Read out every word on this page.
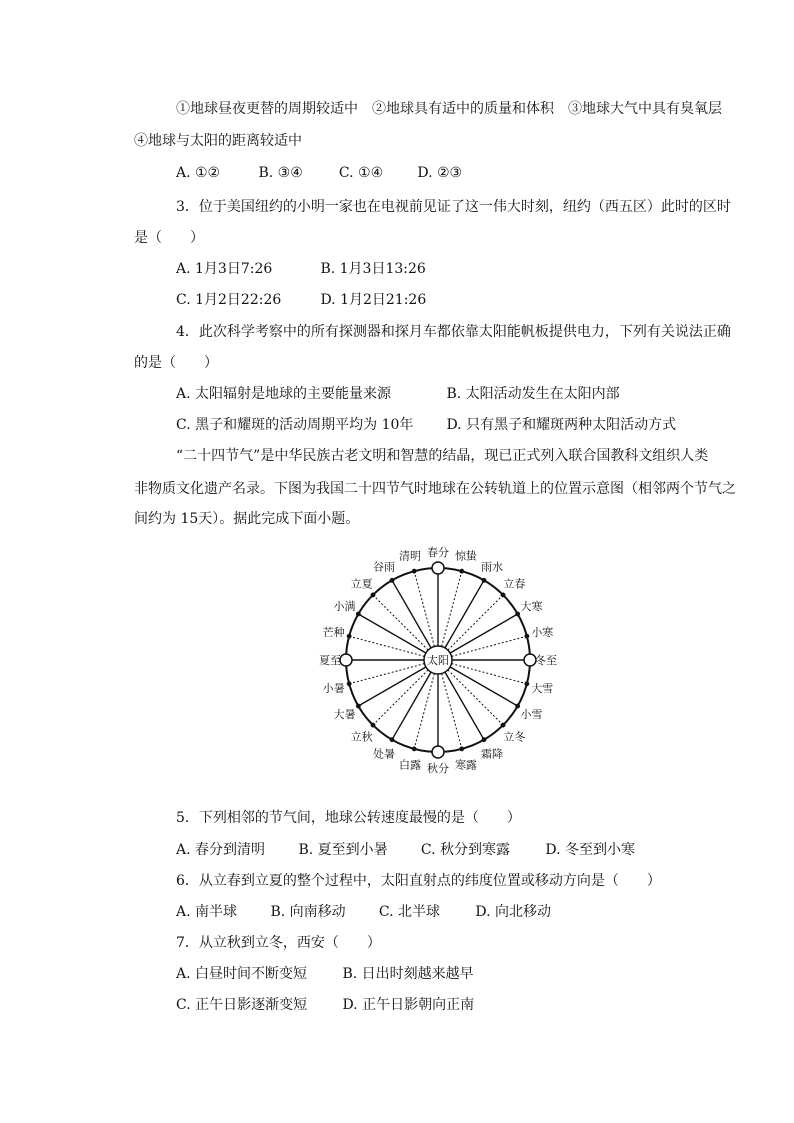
①地球昼夜更替的周期较适中　②地球具有适中的质量和体积　③地球大气中具有臭氧层
④地球与太阳的距离较适中
A. ①②	B. ③④	C. ①④ D. ②③
3．位于美国纽约的小明一家也在电视前见证了这一伟大时刻，纽约（西五区）此时的区时
是（　　）
A. 1月3日7:26	B. 1月3日13:26
C. 1月2日22:26	D. 1月2日21:26
4．此次科学考察中的所有探测器和探月车都依靠太阳能帆板提供电力，下列有关说法正确
的是（　　）
A. 太阳辐射是地球的主要能量来源	B. 太阳活动发生在太阳内部
C. 黑子和耀斑的活动周期平均为 10年 D. 只有黑子和耀斑两种太阳活动方式
“二十四节气”是中华民族古老文明和智慧的结晶，现已正式列入联合国教科文组织人类
非物质文化遗产名录。下图为我国二十四节气时地球在公转轨道上的位置示意图（相邻两个节气之
间约为 15天）。据此完成下面小题。
冬至
小寒
大寒
立春
雨水
惊蛰
春分
清明
谷雨
立夏
小满
芒种
夏至
小暑
大暑
立秋
处暑
白露 秋分 寒露
霜降
立冬
小雪
大雪
太阳
5．下列相邻的节气间，地球公转速度最慢的是（　　）
A. 春分到清明 B. 夏至到小暑 C. 秋分到寒露	D. 冬至到小寒
6．从立春到立夏的整个过程中，太阳直射点的纬度位置或移动方向是（　　）
A. 南半球 B. 向南移动 C. 北半球	D. 向北移动
7．从立秋到立冬，西安（　　）
A. 白昼时间不断变短	B. 日出时刻越来越早
C. 正午日影逐渐变短	D. 正午日影朝向正南
